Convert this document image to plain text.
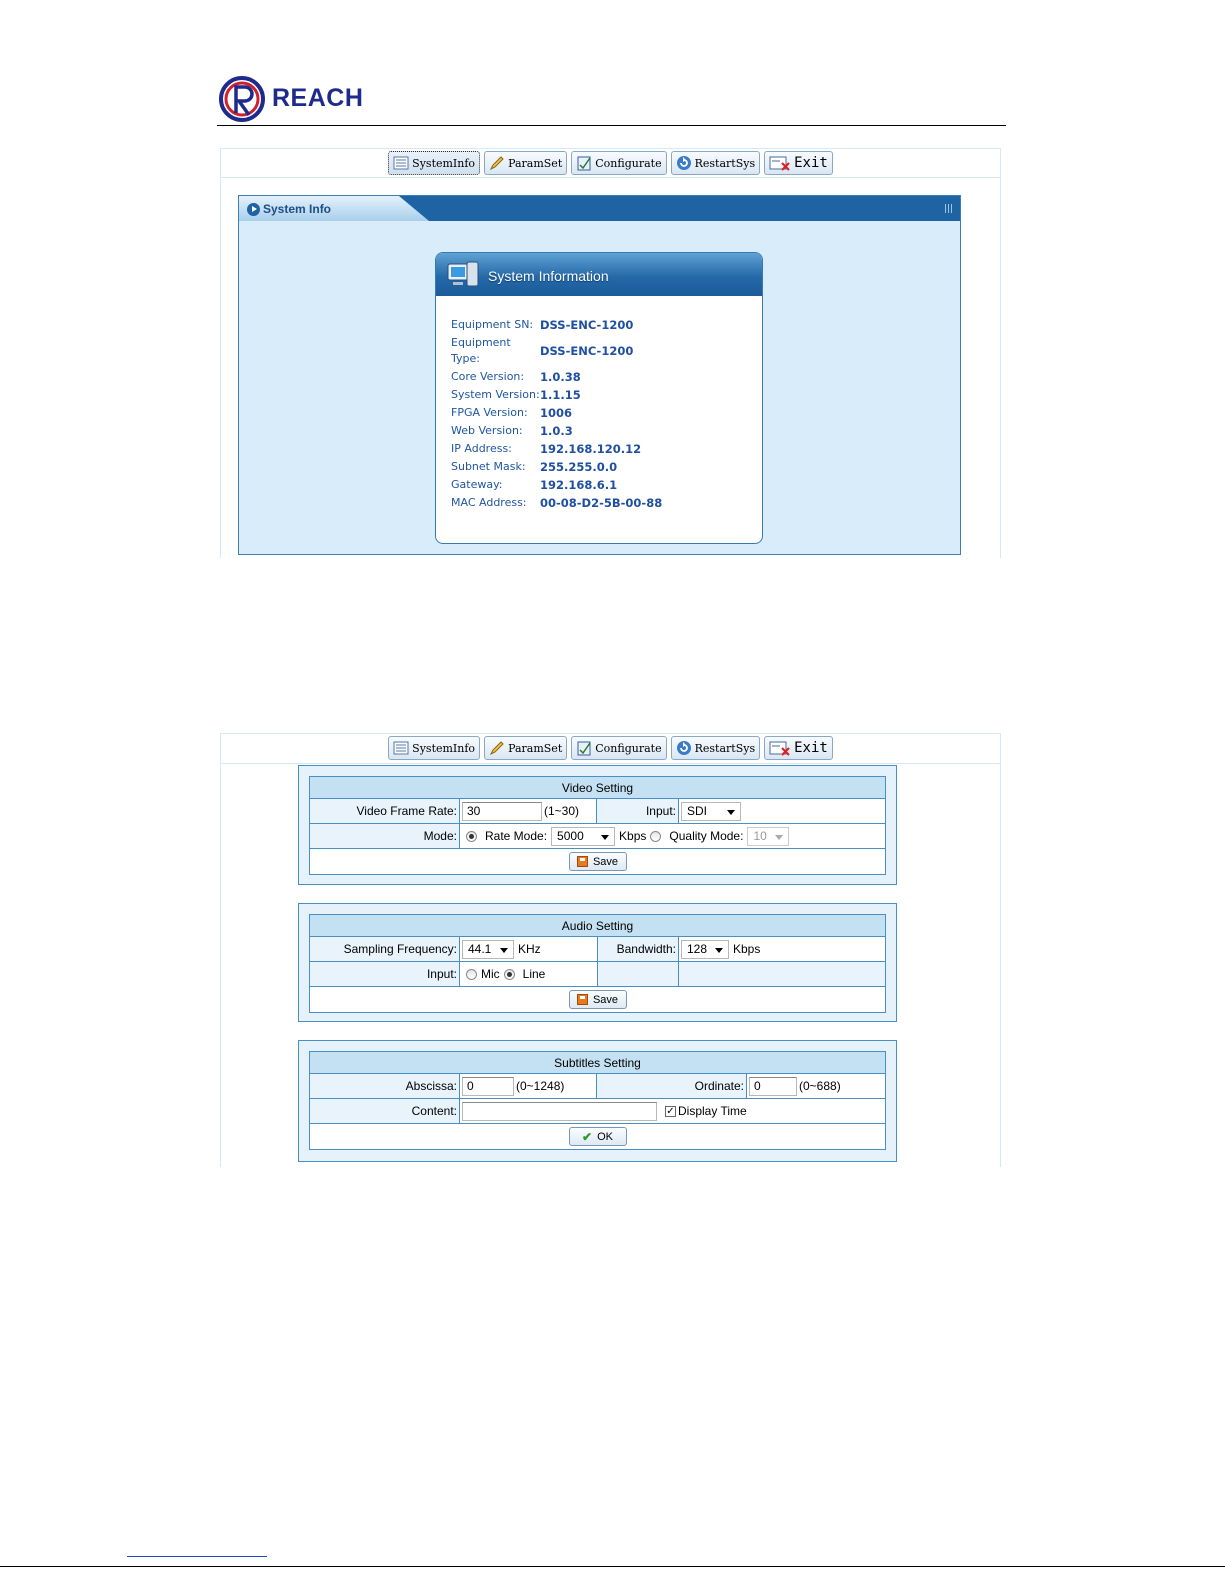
REACH
SystemInfo	ParamSet	Configurate	RestartSys	Exit
System Info
System Information
Equipment SN: DSS-ENC-1200
Equipment Type:
DSS-ENC-1200
Core Version:	1.0.38
System Version: 1.1.15
FPGA Version:	1006
Web Version:	1.0.3
IP Address:	192.168.120.12
Subnet Mask:	255.255.0.0
Gateway:	192.168.6.1
MAC Address:	00-08-D2-5B-00-88
SystemInfo	ParamSet	Configurate	RestartSys	Exit
Video Setting
Video Frame Rate: 30	(1~30)	Input: SDI
Mode: Rate Mode: 5000	Kbps Quality Mode: 10
Save
Audio Setting
Sampling Frequency: 44.1	KHz	Bandwidth: 128	Kbps
Input: Mic Line
Save
Subtitles Setting
Abscissa: 0	(0~1248)	Ordinate: 0	(0~688)
Content:	✓ Display Time
✔ OK
